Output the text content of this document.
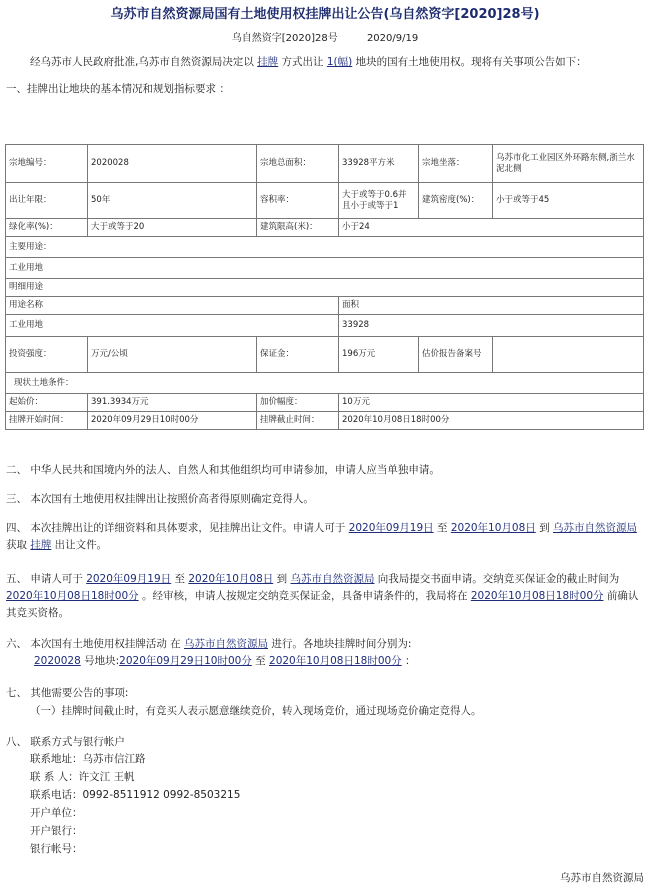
乌苏市自然资源局国有土地使用权挂牌出让公告(乌自然资字[2020]28号)
乌自然资字[2020]28号	2020/9/19
经乌苏市人民政府批准,乌苏市自然资源局决定以 挂牌 方式出让 1(幅) 地块的国有土地使用权。现将有关事项公告如下：
一、挂牌出让地块的基本情况和规划指标要求 ：
宗地编号：	2020028	宗地总面积：	33928平方米	宗地坐落：	乌苏市化工业园区外环路东侧,浙兰水泥北侧
出让年限：	50年	容积率：	大于或等于0.6并且小于或等于1	建筑密度(%)：	小于或等于45
绿化率(%)：	大于或等于20	建筑限高(米)：	小于24		
主要用途：					
工业用地					
明细用途					
用途名称			面积		
工业用地			33928		
投资强度：	万元/公顷	保证金：	196万元	估价报告备案号	
现状土地条件：					
起始价：	391.3934万元	加价幅度：	10万元		
挂牌开始时间：	2020年09月29日10时00分	挂牌截止时间：	2020年10月08日18时00分		
二、 中华人民共和国境内外的法人、自然人和其他组织均可申请参加，申请人应当单独申请。
三、 本次国有土地使用权挂牌出让按照价高者得原则确定竞得人。
四、 本次挂牌出让的详细资料和具体要求，见挂牌出让文件。申请人可于 2020年09月19日 至 2020年10月08日 到 乌苏市自然资源局 获取 挂牌 出让文件。
五、 申请人可于 2020年09月19日 至 2020年10月08日 到 乌苏市自然资源局 向我局提交书面申请。交纳竞买保证金的截止时间为2020年10月08日18时00分 。经审核，申请人按规定交纳竞买保证金，具备申请条件的，我局将在 2020年10月08日18时00分 前确认其竞买资格。
六、 本次国有土地使用权挂牌活动 在 乌苏市自然资源局 进行。各地块挂牌时间分别为:
2020028 号地块:2020年09月29日10时00分 至 2020年10月08日18时00分 ：
七、 其他需要公告的事项:
（一）挂牌时间截止时，有竞买人表示愿意继续竞价，转入现场竞价，通过现场竞价确定竞得人。
八、 联系方式与银行帐户
联系地址：乌苏市信江路
联 系 人：许文江 王帆
联系电话：0992-8511912 0992-8503215
开户单位：
开户银行：
银行帐号：
乌苏市自然资源局
